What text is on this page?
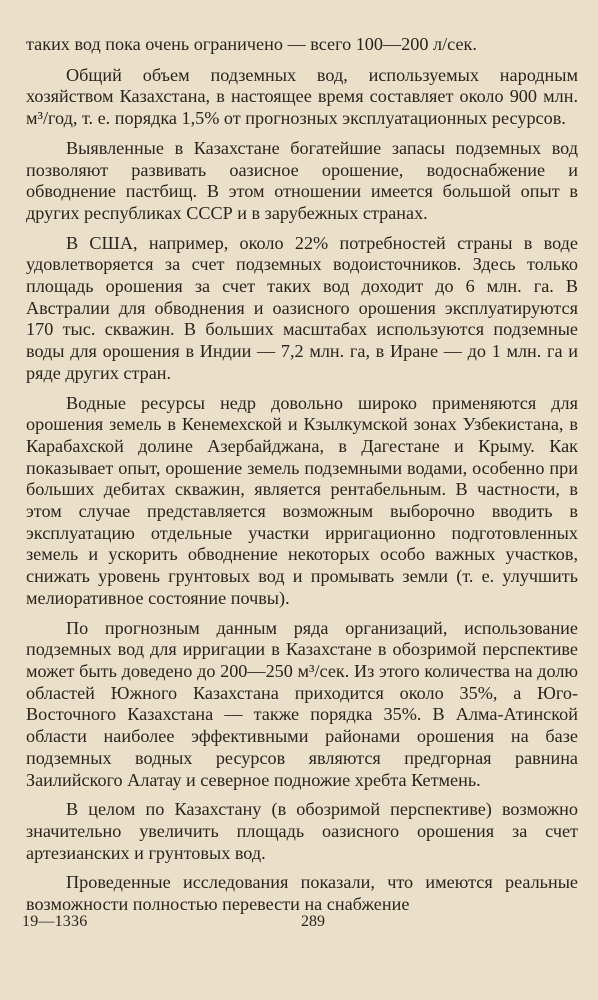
таких вод пока очень ограничено — всего 100—200 л/сек.

Общий объем подземных вод, используемых народным хозяйством Казахстана, в настоящее время составляет около 900 млн. м³/год, т. е. порядка 1,5% от прогнозных эксплуатационных ресурсов.

Выявленные в Казахстане богатейшие запасы подземных вод позволяют развивать оазисное орошение, водоснабжение и обводнение пастбищ. В этом отношении имеется большой опыт в других республиках СССР и в зарубежных странах.

В США, например, около 22% потребностей страны в воде удовлетворяется за счет подземных водоисточников. Здесь только площадь орошения за счет таких вод доходит до 6 млн. га. В Австралии для обводнения и оазисного орошения эксплуатируются 170 тыс. скважин. В больших масштабах используются подземные воды для орошения в Индии — 7,2 млн. га, в Иране — до 1 млн. га и ряде других стран.

Водные ресурсы недр довольно широко применяются для орошения земель в Кенемехской и Кзылкумской зонах Узбекистана, в Карабахской долине Азербайджана, в Дагестане и Крыму. Как показывает опыт, орошение земель подземными водами, особенно при больших дебитах скважин, является рентабельным. В частности, в этом случае представляется возможным выборочно вводить в эксплуатацию отдельные участки ирригационно подготовленных земель и ускорить обводнение некоторых особо важных участков, снижать уровень грунтовых вод и промывать земли (т. е. улучшить мелиоративное состояние почвы).

По прогнозным данным ряда организаций, использование подземных вод для ирригации в Казахстане в обозримой перспективе может быть доведено до 200—250 м³/сек. Из этого количества на долю областей Южного Казахстана приходится около 35%, а Юго-Восточного Казахстана — также порядка 35%. В Алма-Атинской области наиболее эффективными районами орошения на базе подземных водных ресурсов являются предгорная равнина Заилийского Алатау и северное подножие хребта Кетмень.

В целом по Казахстану (в обозримой перспективе) возможно значительно увеличить площадь оазисного орошения за счет артезианских и грунтовых вод.

Проведенные исследования показали, что имеются реальные возможности полностью перевести на снабжение

19—1336	289
